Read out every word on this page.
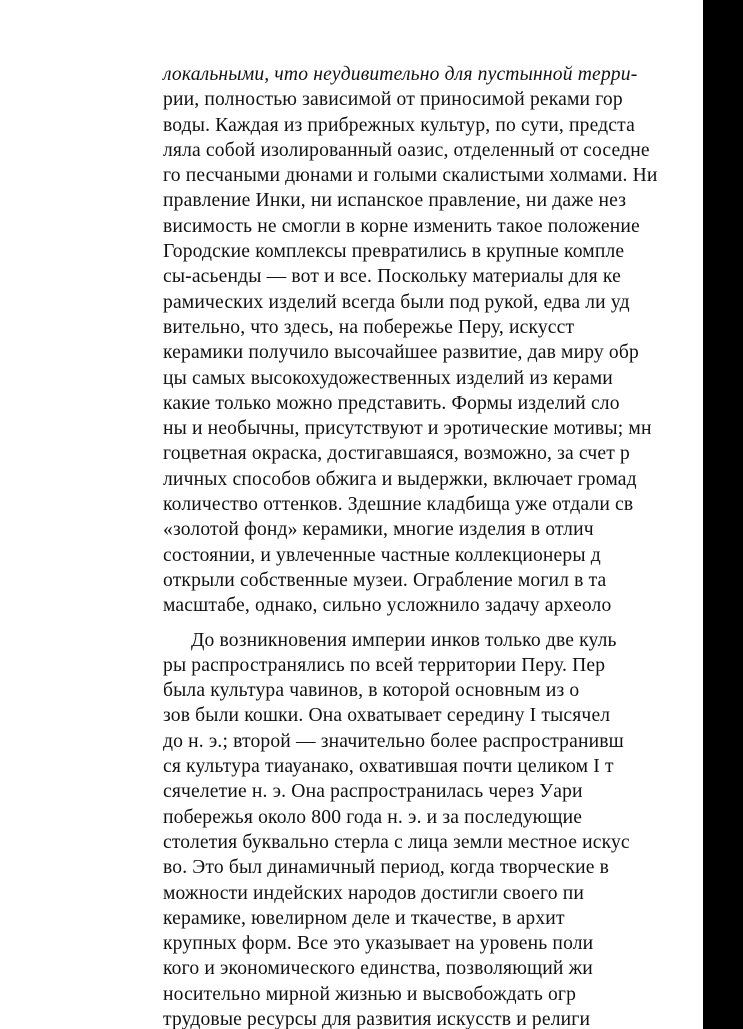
локальными, что неудивительно для пустынной терри-
рии, полностью зависимой от приносимой реками гор
воды. Каждая из прибрежных культур, по сути, предста
ляла собой изолированный оазис, отделенный от соседне
го песчаными дюнами и голыми скалистыми холмами. Ни
правление Инки, ни испанское правление, ни даже нез
висимость не смогли в корне изменить такое положение
Городские комплексы превратились в крупные компле
сы-асьенды — вот и все. Поскольку материалы для ке
рамических изделий всегда были под рукой, едва ли уд
вительно, что здесь, на побережье Перу, искусст
керамики получило высочайшее развитие, дав миру обр
цы самых высокохудожественных изделий из керами
какие только можно представить. Формы изделий сло
ны и необычны, присутствуют и эротические мотивы; мн
гоцветная окраска, достигавшаяся, возможно, за счет р
личных способов обжига и выдержки, включает громад
количество оттенков. Здешние кладбища уже отдали св
«золотой фонд» керамики, многие изделия в отлич
состоянии, и увлеченные частные коллекционеры д
открыли собственные музеи. Ограбление могил в та
масштабе, однако, сильно усложнило задачу археоло
До возникновения империи инков только две куль
ры распространялись по всей территории Перу. Пер
была культура чавинов, в которой основным из о
зов были кошки. Она охватывает середину I тысячел
до н. э.; второй — значительно более распространивш
ся культура тиауанако, охватившая почти целиком I т
сячелетие н. э. Она распространилась через Уари
побережья около 800 года н. э. и за последующие
столетия буквально стерла с лица земли местное искус
во. Это был динамичный период, когда творческие в
можности индейских народов достигли своего пи
керамике, ювелирном деле и ткачестве, в архит
крупных форм. Все это указывает на уровень поли
кого и экономического единства, позволяющий жи
носительно мирной жизнью и высвобождать огр
трудовые ресурсы для развития искусств и религи
